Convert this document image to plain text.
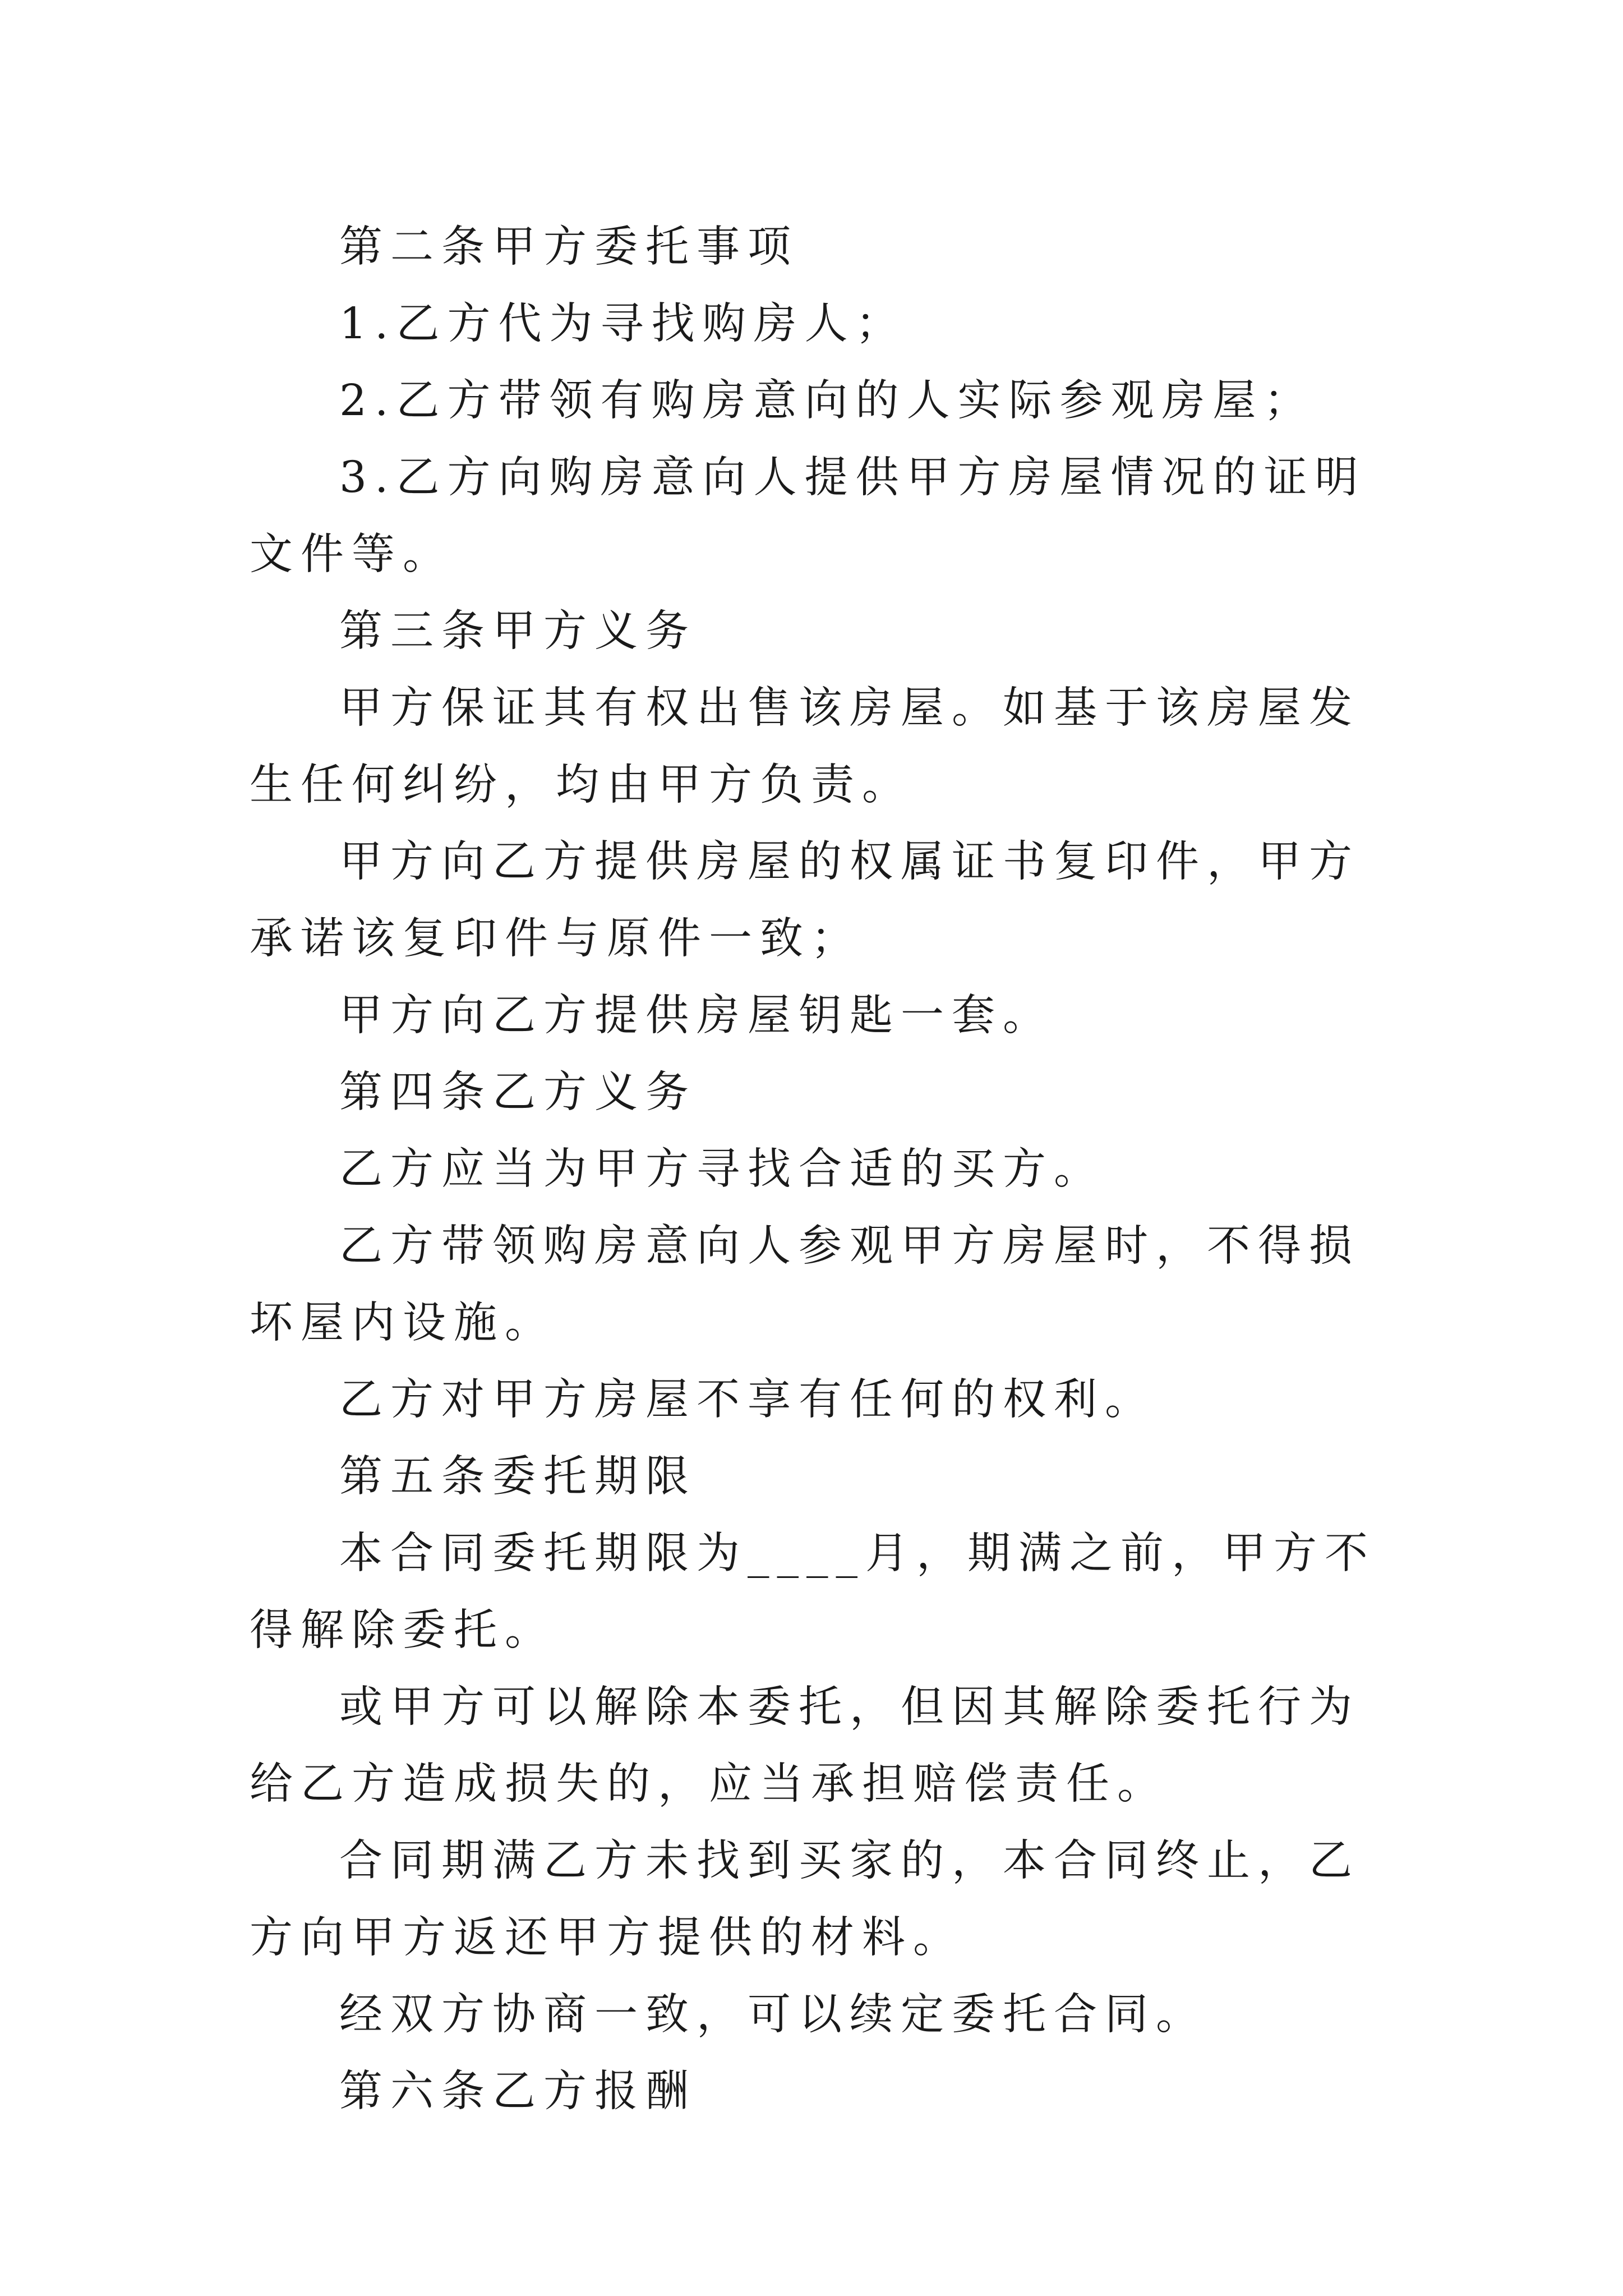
第二条甲方委托事项

1.乙方代为寻找购房人；

2.乙方带领有购房意向的人实际参观房屋；

3.乙方向购房意向人提供甲方房屋情况的证明文件等。

第三条甲方义务

甲方保证其有权出售该房屋。如基于该房屋发生任何纠纷，均由甲方负责。

甲方向乙方提供房屋的权属证书复印件，甲方承诺该复印件与原件一致；

甲方向乙方提供房屋钥匙一套。

第四条乙方义务

乙方应当为甲方寻找合适的买方。

乙方带领购房意向人参观甲方房屋时，不得损坏屋内设施。

乙方对甲方房屋不享有任何的权利。

第五条委托期限

本合同委托期限为____月，期满之前，甲方不得解除委托。

或甲方可以解除本委托，但因其解除委托行为给乙方造成损失的，应当承担赔偿责任。

合同期满乙方未找到买家的，本合同终止，乙方向甲方返还甲方提供的材料。

经双方协商一致，可以续定委托合同。

第六条乙方报酬
